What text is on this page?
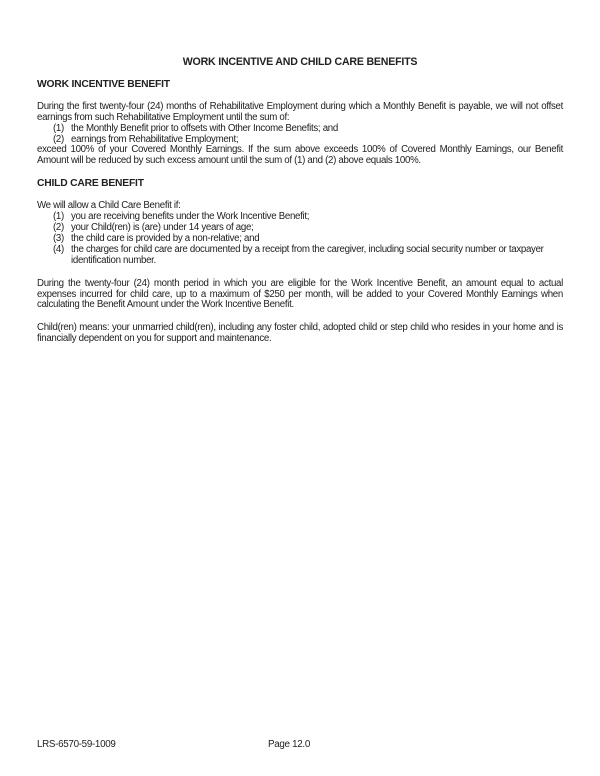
WORK INCENTIVE AND CHILD CARE BENEFITS
WORK INCENTIVE BENEFIT

During the first twenty-four (24) months of Rehabilitative Employment during which a Monthly Benefit is payable, we will not offset earnings from such Rehabilitative Employment until the sum of:

(1) the Monthly Benefit prior to offsets with Other Income Benefits; and
(2) earnings from Rehabilitative Employment;

exceed 100% of your Covered Monthly Earnings. If the sum above exceeds 100% of Covered Monthly Earnings, our Benefit Amount will be reduced by such excess amount until the sum of (1) and (2) above equals 100%.

CHILD CARE BENEFIT

We will allow a Child Care Benefit if:

(1) you are receiving benefits under the Work Incentive Benefit;
(2) your Child(ren) is (are) under 14 years of age;
(3) the child care is provided by a non-relative; and
(4) the charges for child care are documented by a receipt from the caregiver, including social security number or taxpayer identification number.

During the twenty-four (24) month period in which you are eligible for the Work Incentive Benefit, an amount equal to actual expenses incurred for child care, up to a maximum of $250 per month, will be added to your Covered Monthly Earnings when calculating the Benefit Amount under the Work Incentive Benefit.

Child(ren) means: your unmarried child(ren), including any foster child, adopted child or step child who resides in your home and is financially dependent on you for support and maintenance.

LRS-6570-59-1009	Page 12.0
